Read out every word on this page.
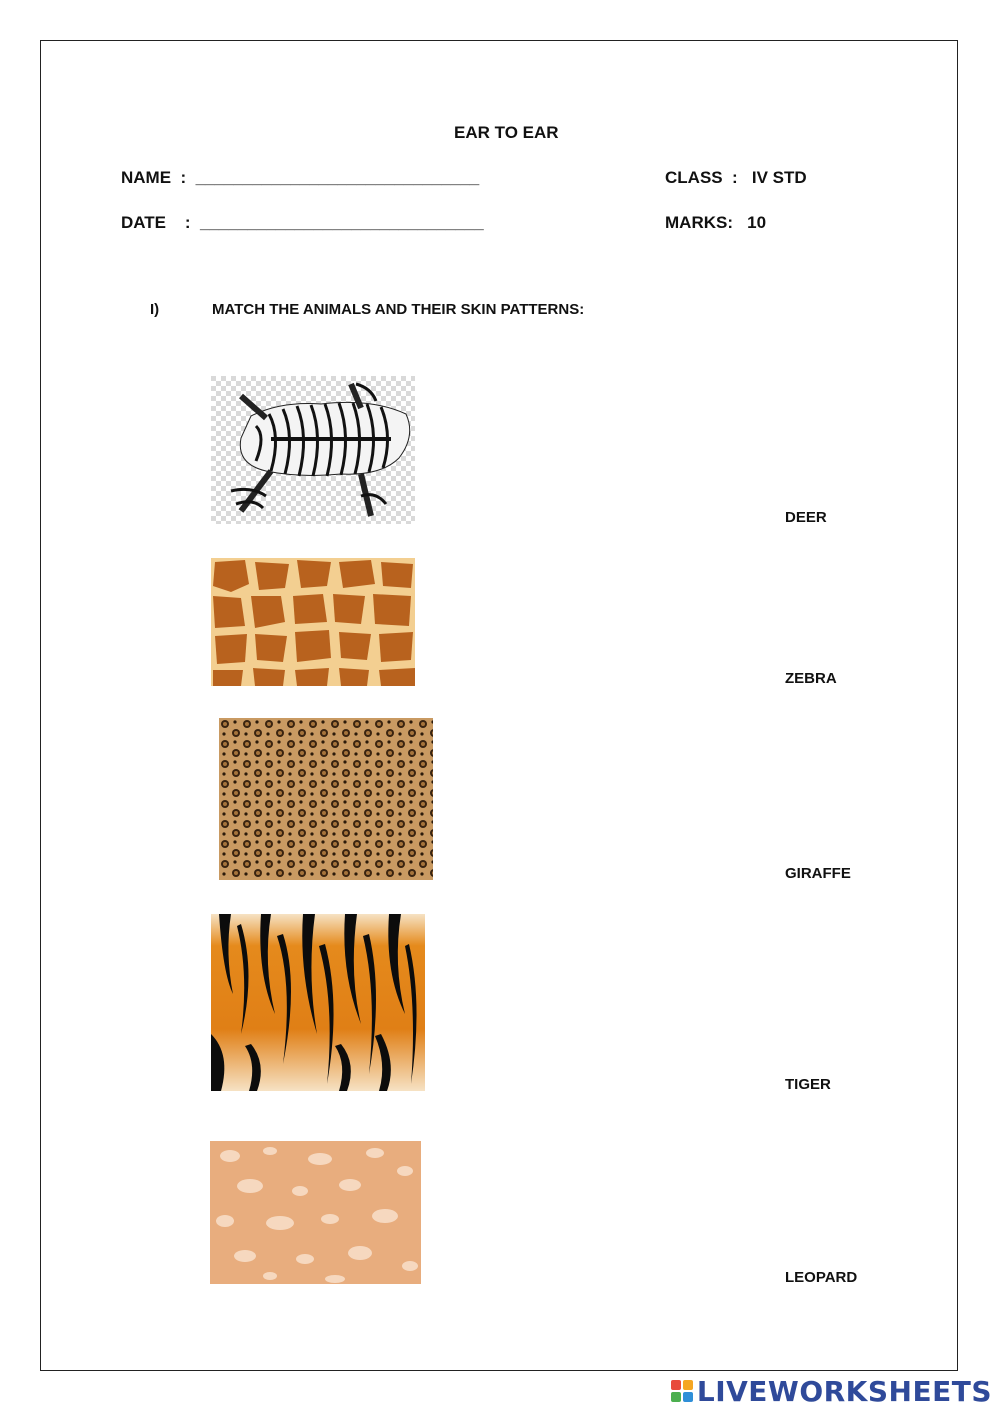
EAR TO EAR
NAME  :  ______________________________
DATE    :  ______________________________
CLASS  :   IV STD
MARKS:   10
I)	MATCH THE ANIMALS AND THEIR SKIN PATTERNS:
DEER
ZEBRA
GIRAFFE
TIGER
LEOPARD
LIVEWORKSHEETS
